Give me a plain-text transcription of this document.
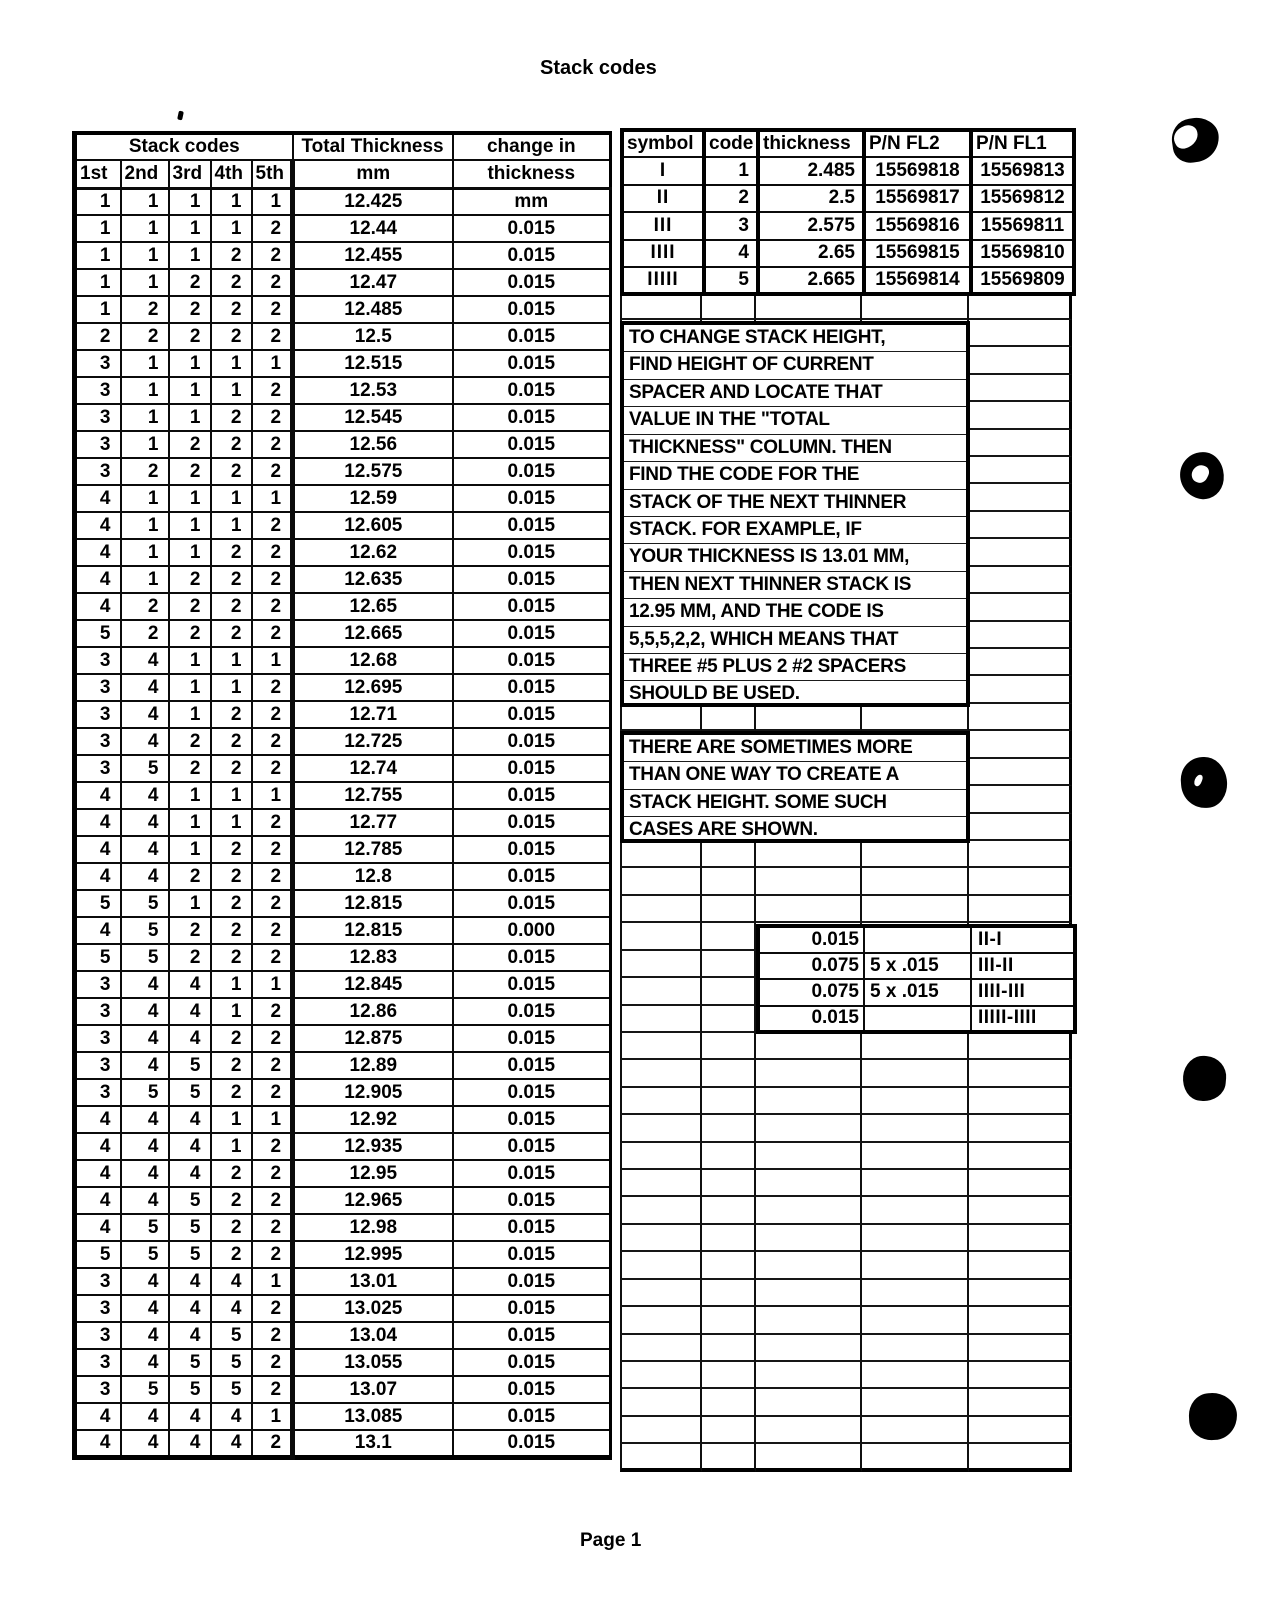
Stack codes
Stack codes					Total Thickness	change in
1st	2nd	3rd	4th	5th	mm	thickness
1	1	1	1	1	12.425	mm
1	1	1	1	2	12.44	0.015
1	1	1	2	2	12.455	0.015
1	1	2	2	2	12.47	0.015
1	2	2	2	2	12.485	0.015
2	2	2	2	2	12.5	0.015
3	1	1	1	1	12.515	0.015
3	1	1	1	2	12.53	0.015
3	1	1	2	2	12.545	0.015
3	1	2	2	2	12.56	0.015
3	2	2	2	2	12.575	0.015
4	1	1	1	1	12.59	0.015
4	1	1	1	2	12.605	0.015
4	1	1	2	2	12.62	0.015
4	1	2	2	2	12.635	0.015
4	2	2	2	2	12.65	0.015
5	2	2	2	2	12.665	0.015
3	4	1	1	1	12.68	0.015
3	4	1	1	2	12.695	0.015
3	4	1	2	2	12.71	0.015
3	4	2	2	2	12.725	0.015
3	5	2	2	2	12.74	0.015
4	4	1	1	1	12.755	0.015
4	4	1	1	2	12.77	0.015
4	4	1	2	2	12.785	0.015
4	4	2	2	2	12.8	0.015
5	5	1	2	2	12.815	0.015
4	5	2	2	2	12.815	0.000
5	5	2	2	2	12.83	0.015
3	4	4	1	1	12.845	0.015
3	4	4	1	2	12.86	0.015
3	4	4	2	2	12.875	0.015
3	4	5	2	2	12.89	0.015
3	5	5	2	2	12.905	0.015
4	4	4	1	1	12.92	0.015
4	4	4	1	2	12.935	0.015
4	4	4	2	2	12.95	0.015
4	4	5	2	2	12.965	0.015
4	5	5	2	2	12.98	0.015
5	5	5	2	2	12.995	0.015
3	4	4	4	1	13.01	0.015
3	4	4	4	2	13.025	0.015
3	4	4	5	2	13.04	0.015
3	4	5	5	2	13.055	0.015
3	5	5	5	2	13.07	0.015
4	4	4	4	1	13.085	0.015
4	4	4	4	2	13.1	0.015
symbol	code	thickness	P/N FL2	P/N FL1
I	1	2.485	15569818	15569813
II	2	2.5	15569817	15569812
III	3	2.575	15569816	15569811
IIII	4	2.65	15569815	15569810
IIIII	5	2.665	15569814	15569809
TO CHANGE STACK HEIGHT,
FIND HEIGHT OF CURRENT
SPACER AND LOCATE THAT
VALUE IN THE "TOTAL
THICKNESS" COLUMN. THEN
FIND THE CODE FOR THE
STACK OF THE NEXT THINNER
STACK. FOR EXAMPLE, IF
YOUR THICKNESS IS 13.01 MM,
THEN NEXT THINNER STACK IS
12.95 MM, AND THE CODE IS
5,5,5,2,2, WHICH MEANS THAT
THREE #5 PLUS 2 #2 SPACERS
SHOULD BE USED.
THERE ARE SOMETIMES MORE
THAN ONE WAY TO CREATE A
STACK HEIGHT. SOME SUCH
CASES ARE SHOWN.
0.015		II-I
0.075	5 x .015	III-II
0.075	5 x .015	IIII-III
0.015		IIIII-IIII
Page 1
